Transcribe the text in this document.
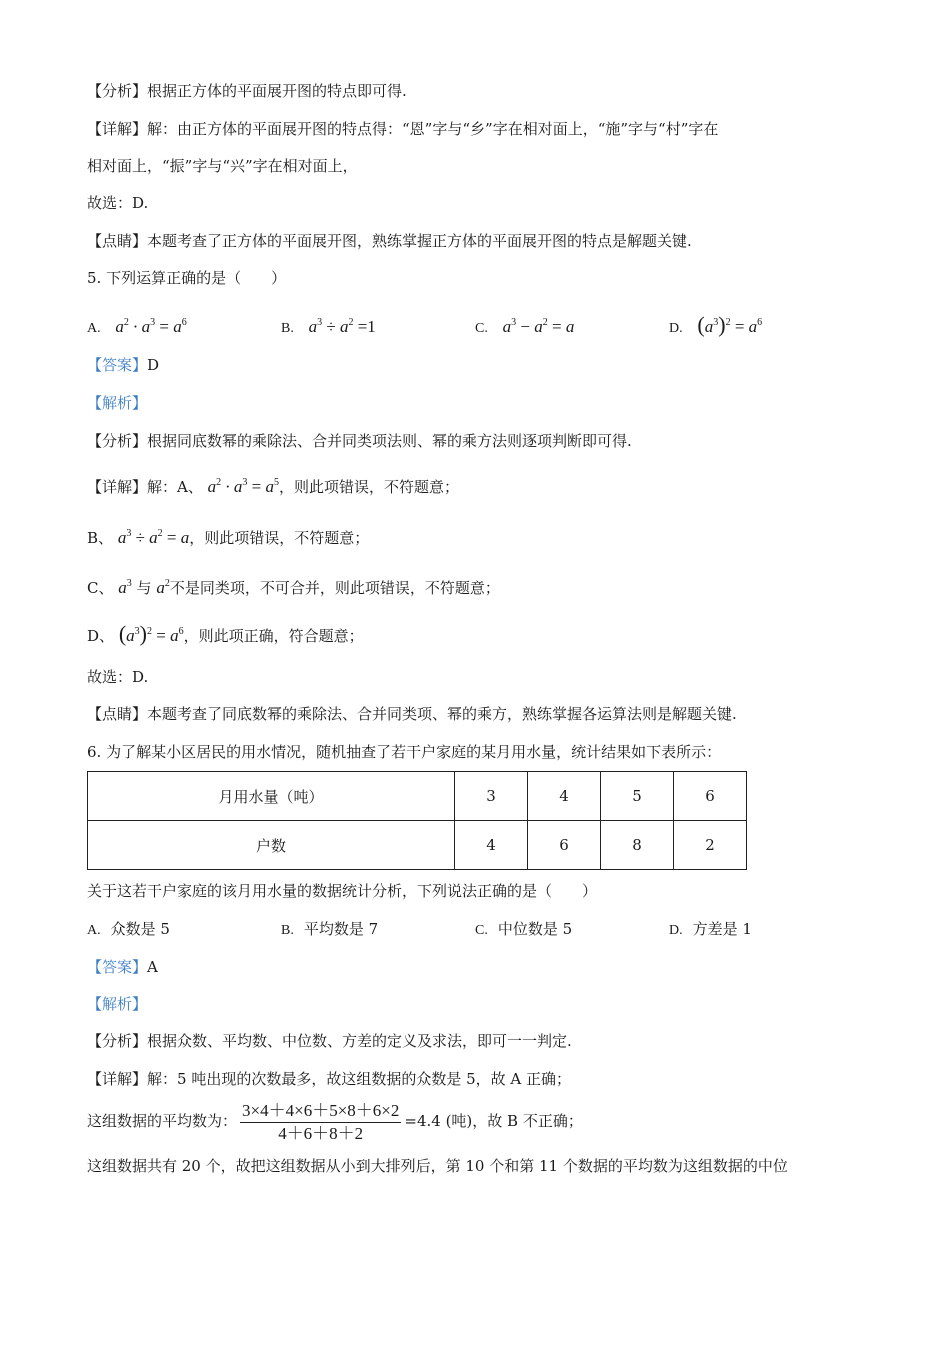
【分析】根据正方体的平面展开图的特点即可得.
【详解】解：由正方体的平面展开图的特点得：“恩”字与“乡”字在相对面上，“施”字与“村”字在
相对面上，“振”字与“兴”字在相对面上，
故选：D.
【点睛】本题考查了正方体的平面展开图，熟练掌握正方体的平面展开图的特点是解题关键.
5. 下列运算正确的是（　　）
A. $a^2 \cdot a^3 = a^6$	B. $a^3 \div a^2 =1$	C. $a^3 - a^2 = a$	D. $(a^3)^2 = a^6$
【答案】D
【解析】
【分析】根据同底数幂的乘除法、合并同类项法则、幂的乘方法则逐项判断即可得.
【详解】解：A、 $a^2 \cdot a^3 = a^5$，则此项错误，不符题意；
B、 $a^3 \div a^2 = a$，则此项错误，不符题意；
C、 $a^3$ 与 $a^2$不是同类项，不可合并，则此项错误，不符题意；
D、 $(a^3)^2 = a^6$，则此项正确，符合题意；
故选：D.
【点睛】本题考查了同底数幂的乘除法、合并同类项、幂的乘方，熟练掌握各运算法则是解题关键.
6. 为了解某小区居民的用水情况，随机抽查了若干户家庭的某月用水量，统计结果如下表所示：
月用水量（吨）	3	4	5	6
户数	4	6	8	2
关于这若干户家庭的该月用水量的数据统计分析，下列说法正确的是（　　）
A. 众数是 5	B. 平均数是 7	C. 中位数是 5	D. 方差是 1
【答案】A
【解析】
【分析】根据众数、平均数、中位数、方差的定义及求法，即可一一判定.
【详解】解：5 吨出现的次数最多，故这组数据的众数是 5，故 A 正确；
这组数据的平均数为： $\frac{3\times 4+4\times 6+5\times 8+6\times 2}{4+6+8+2} =4.4$ (吨)，故 B 不正确；
这组数据共有 20 个，故把这组数据从小到大排列后，第 10 个和第 11 个数据的平均数为这组数据的中位
